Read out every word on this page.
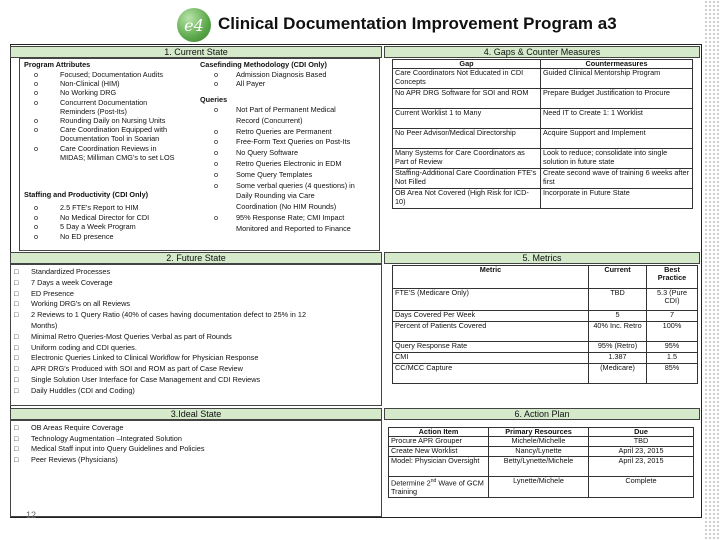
e4 Clinical Documentation Improvement Program a3
1. Current State
Program Attributes
o	Focused; Documentation Audits
o	Non-Clinical (HIM)
o	No Working DRG
o	Concurrent Documentation
Reminders (Post-Its)
o	Rounding Daily on Nursing Units
o	Care Coordination Equipped with
Documentation Tool in Soarian
o	Care Coordination Reviews in
MIDAS; Milliman CMG's to set LOS
Staffing and Productivity (CDI Only)
o	2.5 FTE's Report to HIM
o	No Medical Director for CDI
o	5 Day a Week Program
o	No ED presence
Casefinding Methodology (CDI Only)
o Admission Diagnosis Based
o All Payer
Queries
o Not Part of Permanent Medical
Record (Concurrent)
o Retro Queries are Permanent
o Free-Form Text Queries on Post-Its
o No Query Software
o Retro Queries Electronic in EDM
o Some Query Templates
o Some verbal queries (4 questions) in
Daily Rounding via Care
Coordination (No HIM Rounds)
o 95% Response Rate; CMI Impact
Monitored and Reported to Finance
4. Gaps & Counter Measures
Gap	Countermeasures
Care Coordinators Not Educated in CDI Concepts	Guided Clinical Mentorship Program
No APR DRG Software for SOI and ROM	Prepare Budget Justification to Procure
Current Worklist 1 to Many	Need IT to Create 1: 1 Worklist
No Peer Advisor/Medical Directorship	Acquire Support and Implement
Many Systems for Care Coordinators as Part of Review	Look to reduce; consolidate into single solution in future state
Staffing-Additional Care Coordination FTE's Not Filled	Create second wave of training 6 weeks after first
OB Area Not Covered (High Risk for ICD-10)	Incorporate in Future State
2. Future State
□ Standardized Processes
□ 7 Days a week Coverage
□ ED Presence
□ Working DRG's on all Reviews
□ 2 Reviews to 1 Query Ratio (40% of cases having documentation defect to 25% in 12
Months)
□ Minimal Retro Queries-Most Queries Verbal as part of Rounds
□ Uniform coding and CDI queries.
□ Electronic Queries Linked to Clinical Workflow for Physician Response
□ APR DRG's Produced with SOI and ROM as part of Case Review
□ Single Solution User Interface for Case Management and CDI Reviews
□ Daily Huddles (CDI and Coding)
5. Metrics
Metric	Current	Best Practice
FTE'S (Medicare Only)	TBD	5.3 (Pure CDI)
Days Covered Per Week	5	7
Percent of Patients Covered	40% Inc. Retro	100%
Query Response Rate	95% (Retro)	95%
CMI	1.387	1.5
CC/MCC Capture	(Medicare)	85%
3.Ideal State
□ OB Areas Require Coverage
□ Technology Augmentation –Integrated Solution
□ Medical Staff input into Query Guidelines and Policies
□ Peer Reviews (Physicians)
6. Action Plan
Action Item	Primary Resources	Due
Procure APR Grouper	Michele/Michelle	TBD
Create New Worklist	Nancy/Lynette	April 23, 2015
Model: Physician Oversight	Betty/Lynette/Michele	April 23, 2015
Determine 2nd Wave of GCM Training	Lynette/Michele	Complete
12
